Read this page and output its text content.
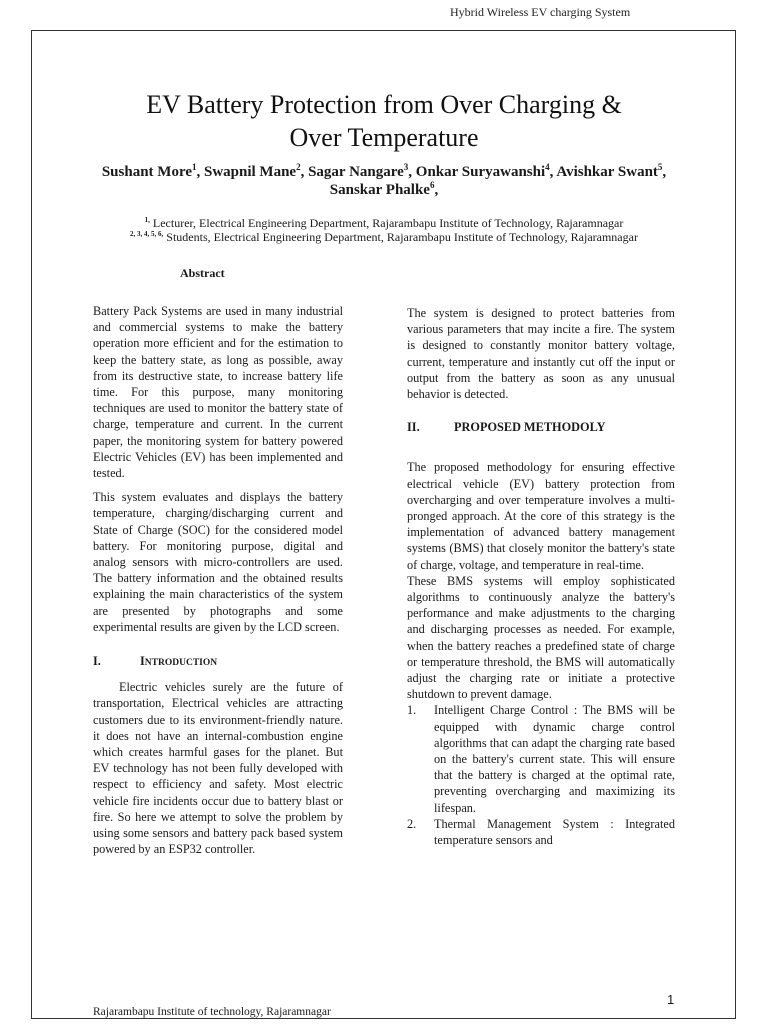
Hybrid Wireless EV charging System
EV Battery Protection from Over Charging &
Over Temperature
Sushant More$^1$, Swapnil Mane$^2$, Sagar Nangare$^3$, Onkar Suryawanshi$^4$, Avishkar Swant$^5$, Sanskar Phalke$^6$,
$^{1,}$ Lecturer, Electrical Engineering Department, Rajarambapu Institute of Technology, Rajaramnagar
$^{2, 3, 4, 5, 6,}$ Students, Electrical Engineering Department, Rajarambapu Institute of Technology, Rajaramnagar
Abstract

Battery Pack Systems are used in many industrial and commercial systems to make the battery operation more efficient and for the estimation to keep the battery state, as long as possible, away from its destructive state, to increase battery life time. For this purpose, many monitoring techniques are used to monitor the battery state of charge, temperature and current. In the current paper, the monitoring system for battery powered Electric Vehicles (EV) has been implemented and tested.

This system evaluates and displays the battery temperature, charging/discharging current and State of Charge (SOC) for the considered model battery. For monitoring purpose, digital and analog sensors with micro-controllers are used. The battery information and the obtained results explaining the main characteristics of the system are presented by photographs and some experimental results are given by the LCD screen.

I.	INTRODUCTION

Electric vehicles surely are the future of transportation, Electrical vehicles are attracting customers due to its environment-friendly nature. it does not have an internal-combustion engine which creates harmful gases for the planet. But EV technology has not been fully developed with respect to efficiency and safety. Most electric vehicle fire incidents occur due to battery blast or fire. So here we attempt to solve the problem by using some sensors and battery pack based system powered by an ESP32 controller.

The system is designed to protect batteries from various parameters that may incite a fire. The system is designed to constantly monitor battery voltage, current, temperature and instantly cut off the input or output from the battery as soon as any unusual behavior is detected.

II.	PROPOSED METHODOLY

The proposed methodology for ensuring effective electrical vehicle (EV) battery protection from overcharging and over temperature involves a multi-pronged approach. At the core of this strategy is the implementation of advanced battery management systems (BMS) that closely monitor the battery's state of charge, voltage, and temperature in real-time.

These BMS systems will employ sophisticated algorithms to continuously analyze the battery's performance and make adjustments to the charging and discharging processes as needed. For example, when the battery reaches a predefined state of charge or temperature threshold, the BMS will automatically adjust the charging rate or initiate a protective shutdown to prevent damage.

1.	Intelligent Charge Control : The BMS will be equipped with dynamic charge control algorithms that can adapt the charging rate based on the battery's current state. This will ensure that the battery is charged at the optimal rate, preventing overcharging and maximizing its lifespan.
2.	Thermal Management System : Integrated temperature sensors and
1
Rajarambapu Institute of technology, Rajaramnagar
